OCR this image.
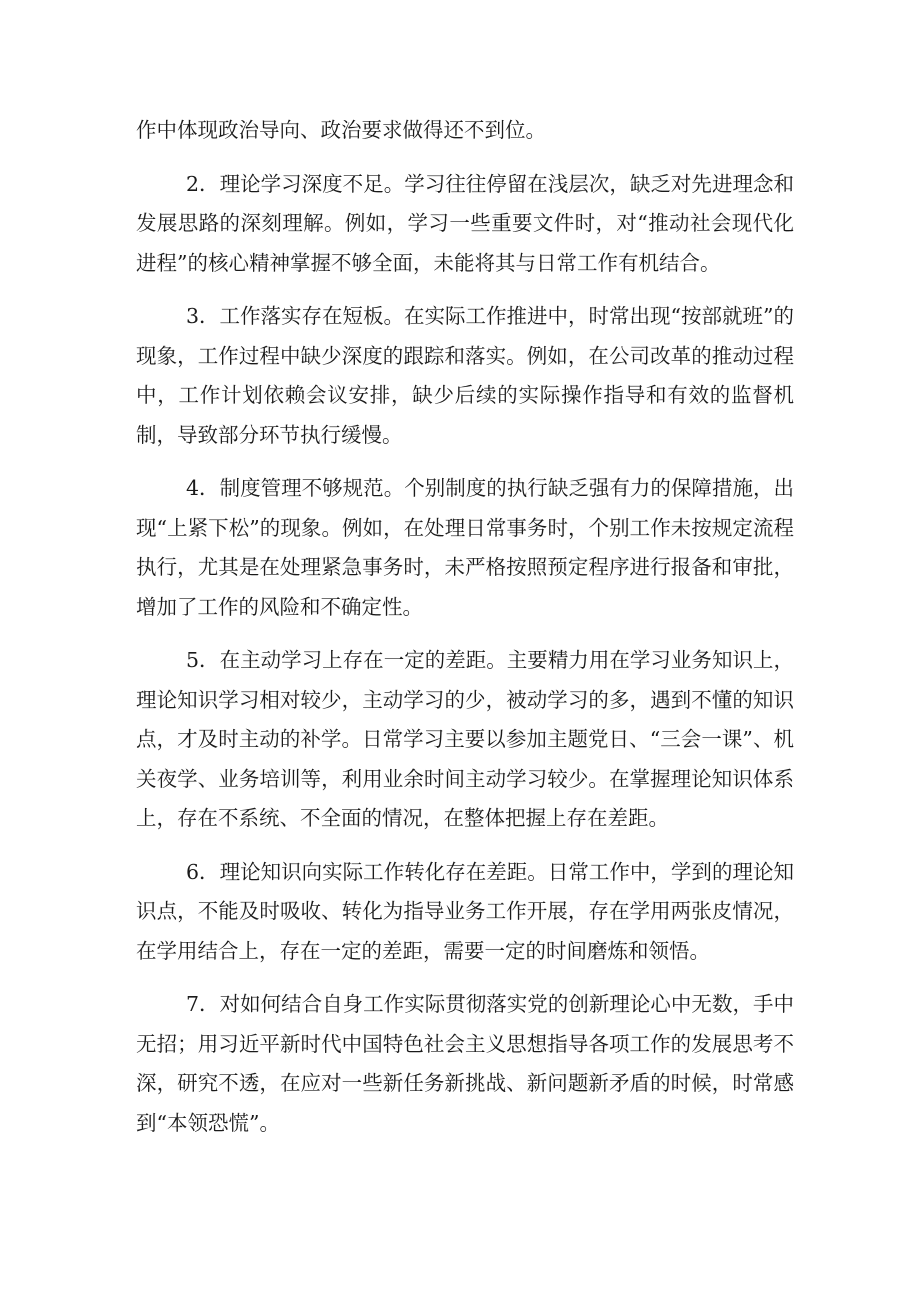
作中体现政治导向、政治要求做得还不到位。

2．理论学习深度不足。学习往往停留在浅层次，缺乏对先进理念和发展思路的深刻理解。例如，学习一些重要文件时，对“推动社会现代化进程”的核心精神掌握不够全面，未能将其与日常工作有机结合。

3．工作落实存在短板。在实际工作推进中，时常出现“按部就班”的现象，工作过程中缺少深度的跟踪和落实。例如，在公司改革的推动过程中，工作计划依赖会议安排，缺少后续的实际操作指导和有效的监督机制，导致部分环节执行缓慢。

4．制度管理不够规范。个别制度的执行缺乏强有力的保障措施，出现“上紧下松”的现象。例如，在处理日常事务时，个别工作未按规定流程执行，尤其是在处理紧急事务时，未严格按照预定程序进行报备和审批，增加了工作的风险和不确定性。

5．在主动学习上存在一定的差距。主要精力用在学习业务知识上，理论知识学习相对较少，主动学习的少，被动学习的多，遇到不懂的知识点，才及时主动的补学。日常学习主要以参加主题党日、“三会一课”、机关夜学、业务培训等，利用业余时间主动学习较少。在掌握理论知识体系上，存在不系统、不全面的情况，在整体把握上存在差距。

6．理论知识向实际工作转化存在差距。日常工作中，学到的理论知识点，不能及时吸收、转化为指导业务工作开展，存在学用两张皮情况，在学用结合上，存在一定的差距，需要一定的时间磨炼和领悟。

7．对如何结合自身工作实际贯彻落实党的创新理论心中无数，手中无招；用习近平新时代中国特色社会主义思想指导各项工作的发展思考不深，研究不透，在应对一些新任务新挑战、新问题新矛盾的时候，时常感到“本领恐慌”。
